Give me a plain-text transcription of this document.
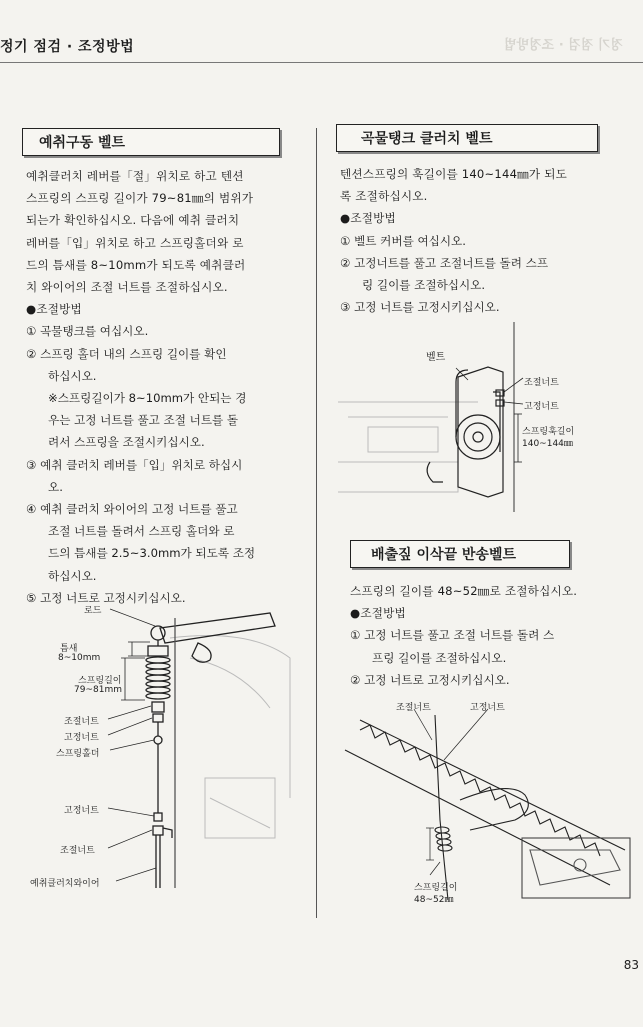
정기 점검 · 조정방법	정기 점검 · 조정방법
예취구동 벨트
예취클러치 레버를「절」위치로 하고 텐션
스프링의 스프링 길이가 79~81㎜의 범위가
되는가 확인하십시오. 다음에 예취 클러치
레버를「입」위치로 하고 스프링홀더와 로
드의 틈새를 8~10mm가 되도록 예취클러
치 와이어의 조절 너트를 조절하십시오.
●조절방법
① 곡물탱크를 여십시오.
② 스프링 홀더 내의 스프링 길이를 확인
하십시오.
※스프링길이가 8~10mm가 안되는 경
우는 고정 너트를 풀고 조절 너트를 돌
려서 스프링을 조절시키십시오.
③ 예취 클러치 레버를「입」위치로 하십시
오.
④ 예취 클러치 와이어의 고정 너트를 풀고
조절 너트를 돌려서 스프링 홀더와 로
드의 틈새를 2.5~3.0mm가 되도록 조정
하십시오.
⑤ 고정 너트로 고정시키십시오.
로드
틈새
8~10mm
스프링길이
79~81mm
조절너트
고정너트
스프링홀더
고정너트
조절너트
예취클러치와이어
곡물탱크 클러치 벨트
텐션스프링의 훅길이를 140~144㎜가 되도
록 조절하십시오.
●조절방법
① 벨트 커버를 여십시오.
② 고정너트를 풀고 조절너트를 돌려 스프
링 길이를 조절하십시오.
③ 고정 너트를 고정시키십시오.
벨트
조절너트
고정너트
스프링훅길이
140~144㎜
배출짚 이삭끝 반송벨트
스프링의 길이를 48~52㎜로 조절하십시오.
●조절방법
① 고정 너트를 풀고 조절 너트를 돌려 스
프링 길이를 조절하십시오.
② 고정 너트로 고정시키십시오.
조절너트	고정너트
스프링길이
48~52㎜
83
